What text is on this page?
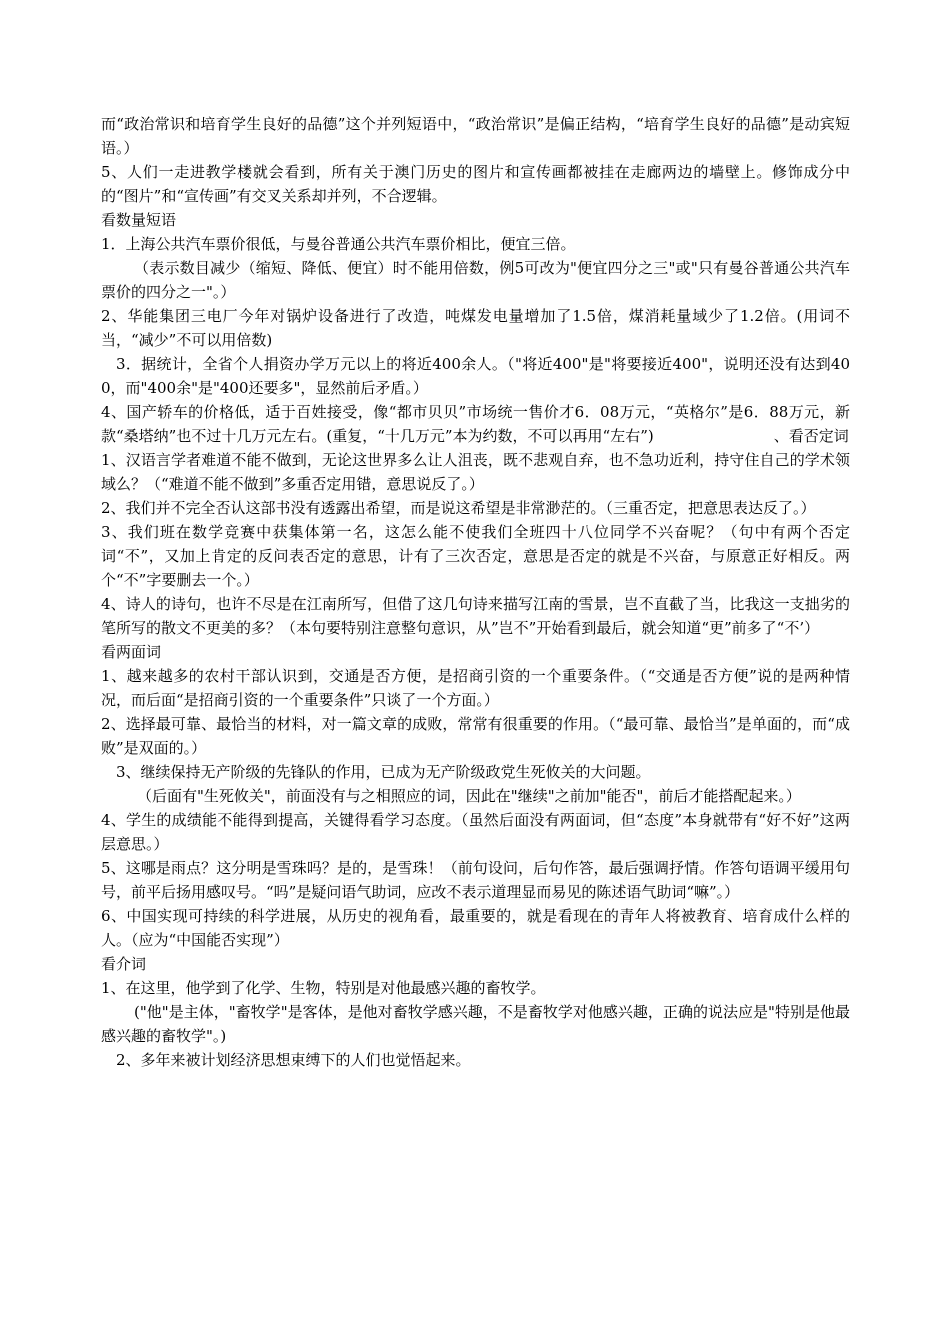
而“政治常识和培育学生良好的品德”这个并列短语中，“政治常识”是偏正结构，“培育学生良好的品德”是动宾短语。）

5、人们一走进教学楼就会看到，所有关于澳门历史的图片和宣传画都被挂在走廊两边的墙壁上。修饰成分中的“图片”和“宣传画”有交叉关系却并列，不合逻辑。

看数量短语

1．上海公共汽车票价很低，与曼谷普通公共汽车票价相比，便宜三倍。

（表示数目减少（缩短、降低、便宜）时不能用倍数，例5可改为"便宜四分之三"或"只有曼谷普通公共汽车票价的四分之一"。）

2、华能集团三电厂今年对锅炉设备进行了改造，吨煤发电量增加了1.5倍，煤消耗量域少了1.2倍。(用词不当，“减少”不可以用倍数)

3．据统计，全省个人捐资办学万元以上的将近400余人。（"将近400"是"将要接近400"，说明还没有达到400，而"400余"是"400还要多"，显然前后矛盾。）

4、国产轿车的价格低，适于百姓接受，像“都市贝贝”市场统一售价才6．08万元，“英格尔”是6．88万元，新款“桑塔纳”也不过十几万元左右。(重复，“十几万元”本为约数，不可以再用“左右”)　　　　　　　　、看否定词

1、汉语言学者难道不能不做到，无论这世界多么让人沮丧，既不悲观自弃，也不急功近利，持守住自己的学术领域么？（“难道不能不做到”多重否定用错，意思说反了。）

2、我们并不完全否认这部书没有透露出希望，而是说这希望是非常渺茫的。（三重否定，把意思表达反了。）

3、我们班在数学竞赛中获集体第一名，这怎么能不使我们全班四十八位同学不兴奋呢？（句中有两个否定词“不”，又加上肯定的反问表否定的意思，计有了三次否定，意思是否定的就是不兴奋，与原意正好相反。两个“不”字要删去一个。）

4、诗人的诗句，也许不尽是在江南所写，但借了这几句诗来描写江南的雪景，岂不直截了当，比我这一支拙劣的笔所写的散文不更美的多？（本句要特别注意整句意识，从”岂不”开始看到最后，就会知道“更”前多了“不’）

看两面词

1、越来越多的农村干部认识到，交通是否方便，是招商引资的一个重要条件。（“交通是否方便”说的是两种情况，而后面“是招商引资的一个重要条件”只谈了一个方面。）

2、选择最可靠、最恰当的材料，对一篇文章的成败，常常有很重要的作用。（“最可靠、最恰当”是单面的，而“成败”是双面的。）

3、继续保持无产阶级的先锋队的作用，已成为无产阶级政党生死攸关的大问题。

（后面有"生死攸关"，前面没有与之相照应的词，因此在"继续"之前加"能否"，前后才能搭配起来。）

4、学生的成绩能不能得到提高，关键得看学习态度。（虽然后面没有两面词，但“态度”本身就带有“好不好”这两层意思。）

5、这哪是雨点？这分明是雪珠吗？是的，是雪珠！（前句设问，后句作答，最后强调抒情。作答句语调平缓用句号，前平后扬用感叹号。“吗”是疑问语气助词，应改不表示道理显而易见的陈述语气助词“嘛”。）

6、中国实现可持续的科学进展，从历史的视角看，最重要的，就是看现在的青年人将被教育、培育成什么样的人。（应为“中国能否实现”）

看介词

1、在这里，他学到了化学、生物，特别是对他最感兴趣的畜牧学。

("他"是主体，"畜牧学"是客体，是他对畜牧学感兴趣，不是畜牧学对他感兴趣，正确的说法应是"特别是他最感兴趣的畜牧学"。)

2、多年来被计划经济思想束缚下的人们也觉悟起来。
